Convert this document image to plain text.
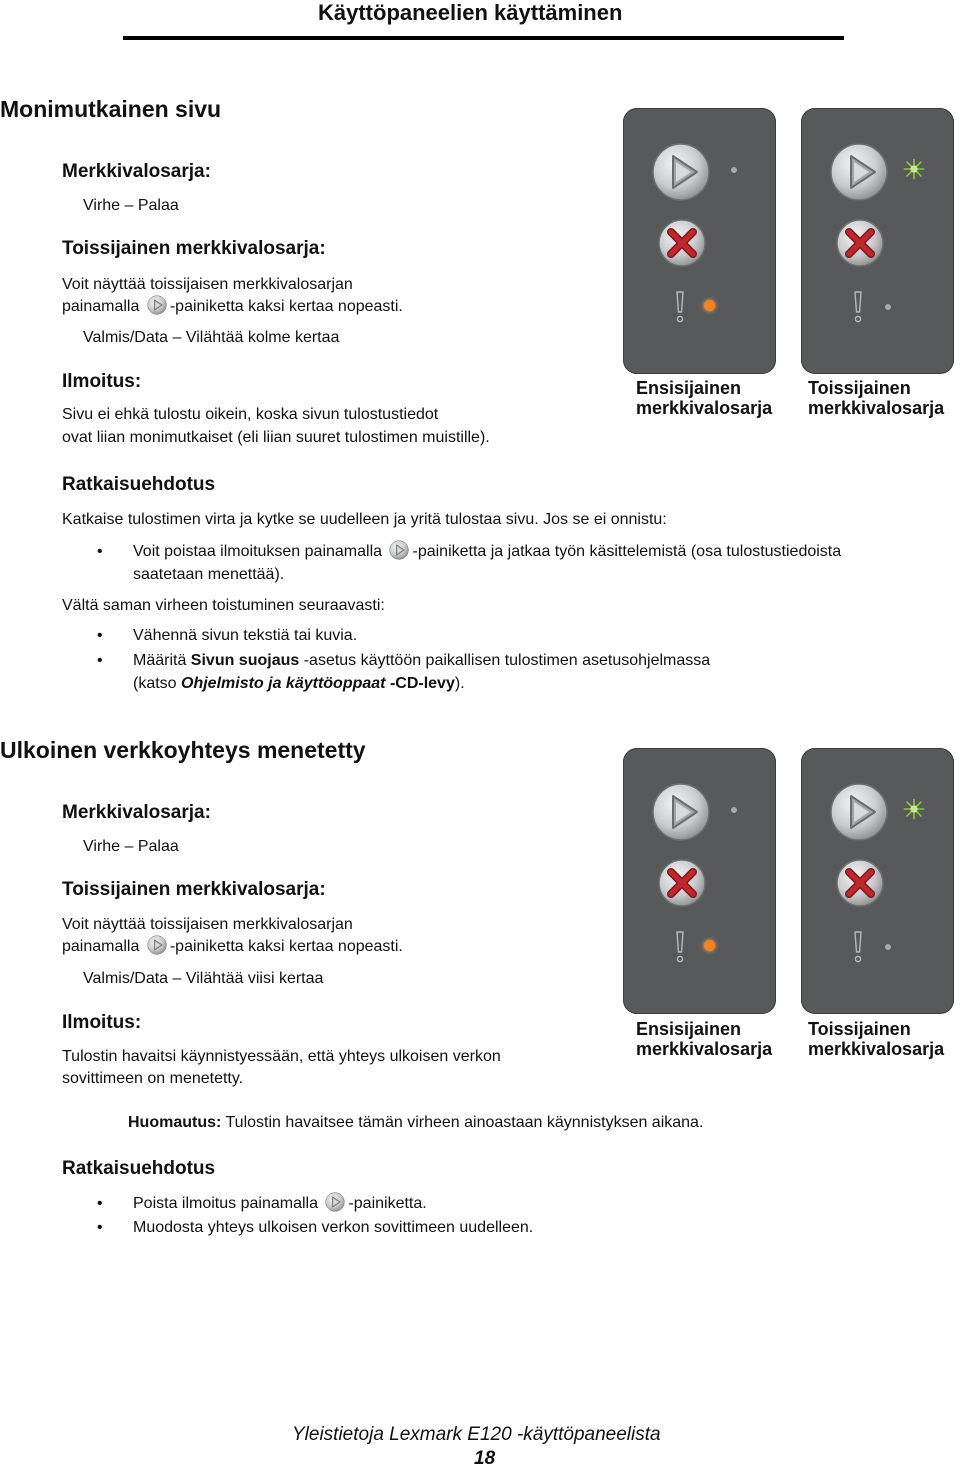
Käyttöpaneelien käyttäminen
Monimutkainen sivu
Merkkivalosarja:
Virhe – Palaa
Toissijainen merkkivalosarja:
Voit näyttää toissijaisen merkkivalosarjan
painamalla -painiketta kaksi kertaa nopeasti.
Valmis/Data – Vilähtää kolme kertaa
Ilmoitus:
Sivu ei ehkä tulostu oikein, koska sivun tulostustiedot
ovat liian monimutkaiset (eli liian suuret tulostimen muistille).
Ensisijainen
merkkivalosarja
Toissijainen
merkkivalosarja
Ratkaisuehdotus
Katkaise tulostimen virta ja kytke se uudelleen ja yritä tulostaa sivu. Jos se ei onnistu:
•
Voit poistaa ilmoituksen painamalla -painiketta ja jatkaa työn käsittelemistä (osa tulostustiedoista
saatetaan menettää).
Vältä saman virheen toistuminen seuraavasti:
•
Vähennä sivun tekstiä tai kuvia.
•
Määritä Sivun suojaus -asetus käyttöön paikallisen tulostimen asetusohjelmassa
(katso Ohjelmisto ja käyttöoppaat -CD-levy).
Ulkoinen verkkoyhteys menetetty
Merkkivalosarja:
Virhe – Palaa
Toissijainen merkkivalosarja:
Voit näyttää toissijaisen merkkivalosarjan
painamalla -painiketta kaksi kertaa nopeasti.
Valmis/Data – Vilähtää viisi kertaa
Ilmoitus:
Tulostin havaitsi käynnistyessään, että yhteys ulkoisen verkon
sovittimeen on menetetty.
Ensisijainen
merkkivalosarja
Toissijainen
merkkivalosarja
Huomautus: Tulostin havaitsee tämän virheen ainoastaan käynnistyksen aikana.
Ratkaisuehdotus
•
Poista ilmoitus painamalla -painiketta.
•
Muodosta yhteys ulkoisen verkon sovittimeen uudelleen.
Yleistietoja Lexmark E120 -käyttöpaneelista
18
